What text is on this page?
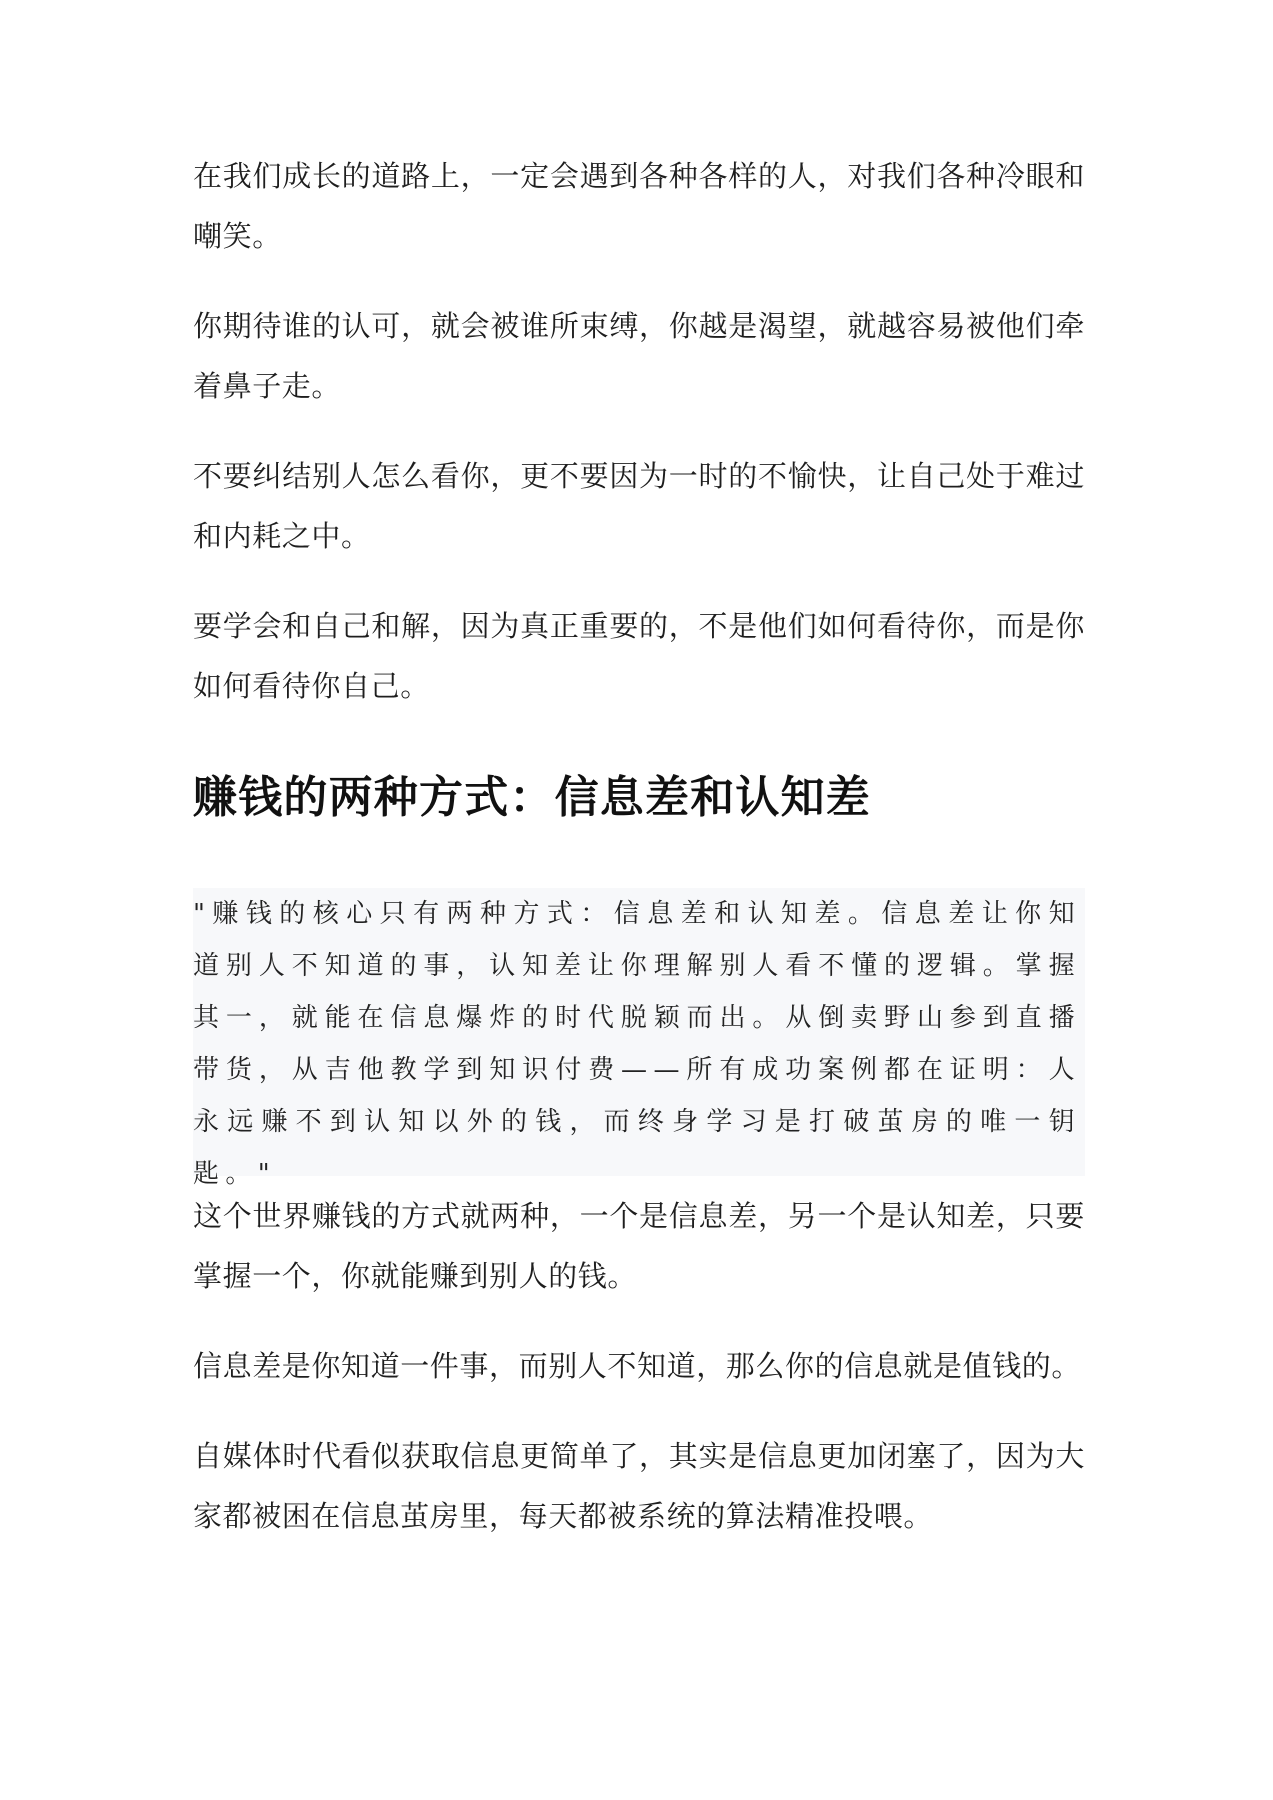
在我们成长的道路上，一定会遇到各种各样的人，对我们各种冷眼和嘲笑。

你期待谁的认可，就会被谁所束缚，你越是渴望，就越容易被他们牵着鼻子走。

不要纠结别人怎么看你，更不要因为一时的不愉快，让自己处于难过和内耗之中。

要学会和自己和解，因为真正重要的，不是他们如何看待你，而是你如何看待你自己。

赚钱的两种方式：信息差和认知差

"赚钱的核心只有两种方式：信息差和认知差。信息差让你知道别人不知道的事，认知差让你理解别人看不懂的逻辑。掌握其一，就能在信息爆炸的时代脱颖而出。从倒卖野山参到直播带货，从吉他教学到知识付费——所有成功案例都在证明：人永远赚不到认知以外的钱，而终身学习是打破茧房的唯一钥匙。"

这个世界赚钱的方式就两种，一个是信息差，另一个是认知差，只要掌握一个，你就能赚到别人的钱。

信息差是你知道一件事，而别人不知道，那么你的信息就是值钱的。

自媒体时代看似获取信息更简单了，其实是信息更加闭塞了，因为大家都被困在信息茧房里，每天都被系统的算法精准投喂。
